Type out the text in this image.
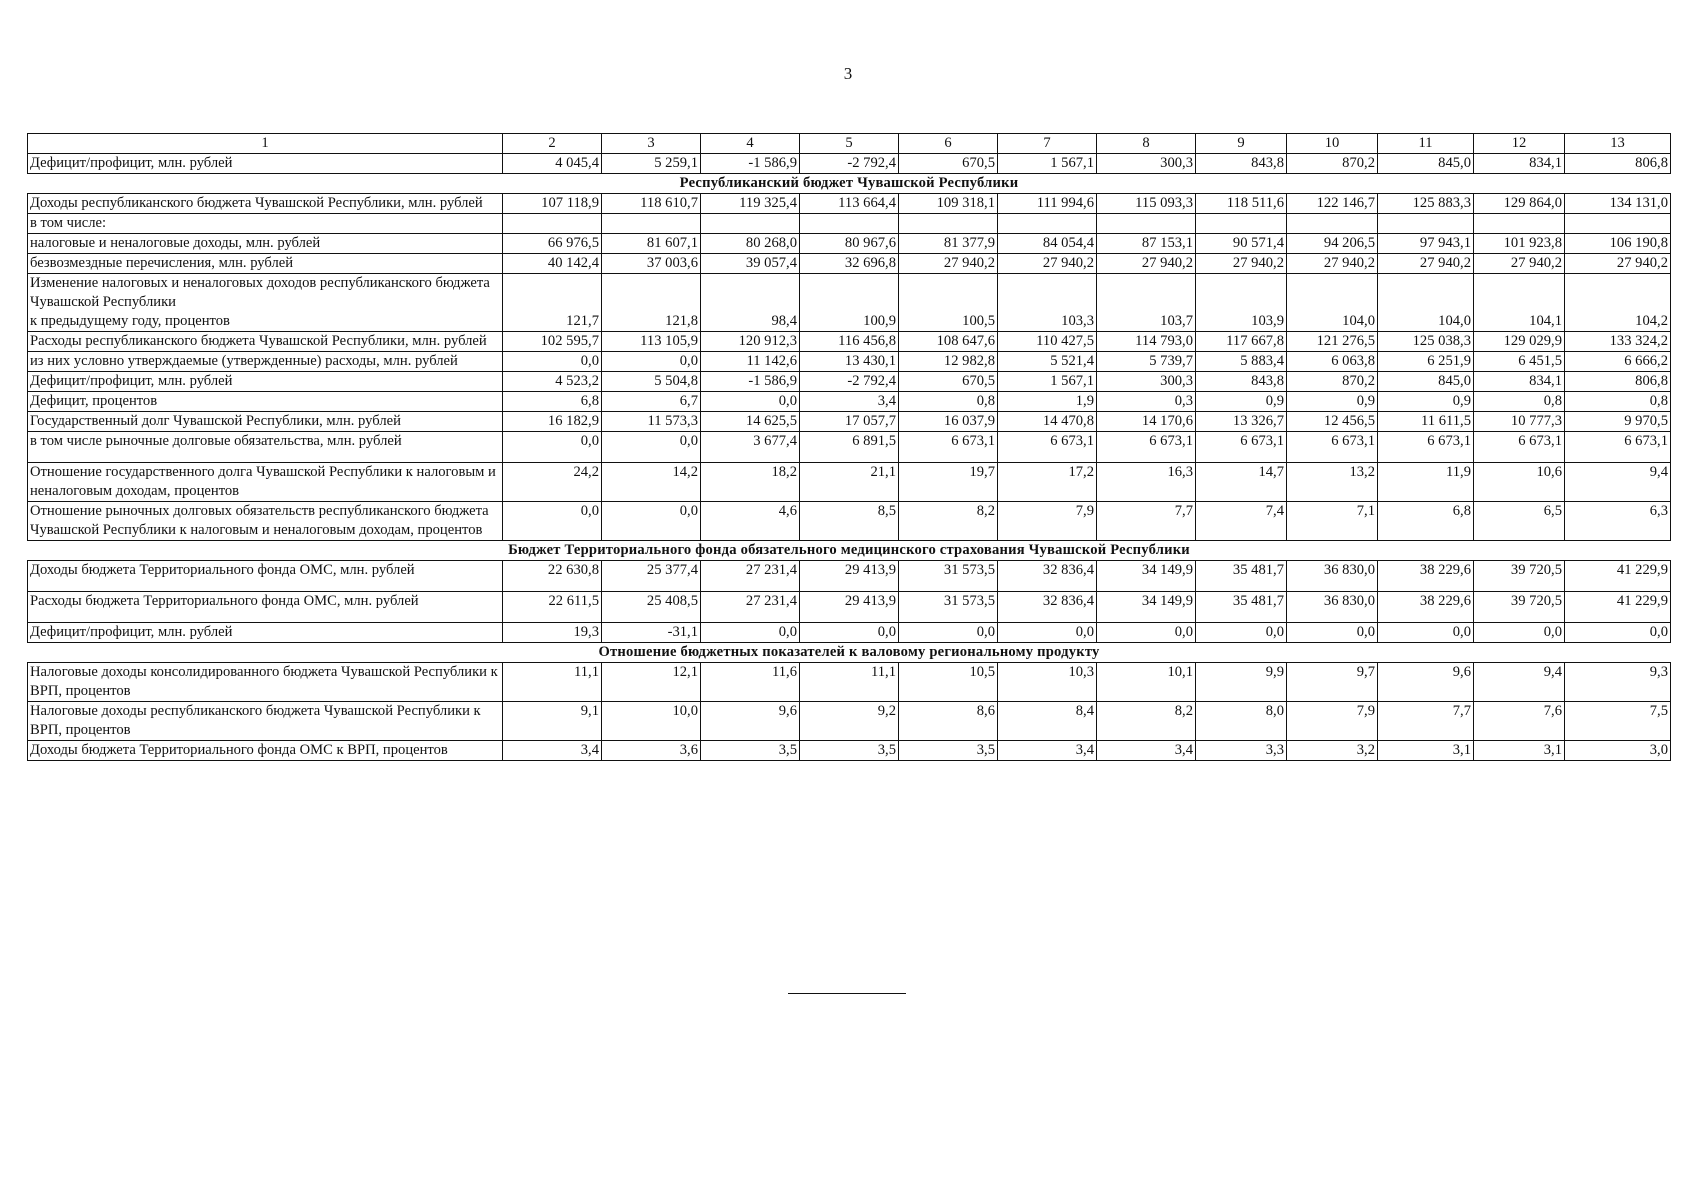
3
1	2	3	4	5	6	7	8	9	10	11	12	13
Дефицит/профицит, млн. рублей	4 045,4	5 259,1	-1 586,9	-2 792,4	670,5	1 567,1	300,3	843,8	870,2	845,0	834,1	806,8
Республиканский бюджет Чувашской Республики												
Доходы республиканского бюджета Чувашской Республики, млн. рублей	107 118,9	118 610,7	119 325,4	113 664,4	109 318,1	111 994,6	115 093,3	118 511,6	122 146,7	125 883,3	129 864,0	134 131,0
в том числе:												
налоговые и неналоговые доходы, млн. рублей	66 976,5	81 607,1	80 268,0	80 967,6	81 377,9	84 054,4	87 153,1	90 571,4	94 206,5	97 943,1	101 923,8	106 190,8
безвозмездные перечисления, млн. рублей	40 142,4	37 003,6	39 057,4	32 696,8	27 940,2	27 940,2	27 940,2	27 940,2	27 940,2	27 940,2	27 940,2	27 940,2
Изменение налоговых и неналоговых доходов республиканского бюджета Чувашской Республики
к предыдущему году, процентов	121,7	121,8	98,4	100,9	100,5	103,3	103,7	103,9	104,0	104,0	104,1	104,2
Расходы республиканского бюджета Чувашской Республики, млн. рублей	102 595,7	113 105,9	120 912,3	116 456,8	108 647,6	110 427,5	114 793,0	117 667,8	121 276,5	125 038,3	129 029,9	133 324,2
из них условно утверждаемые (утвержденные) расходы, млн. рублей	0,0	0,0	11 142,6	13 430,1	12 982,8	5 521,4	5 739,7	5 883,4	6 063,8	6 251,9	6 451,5	6 666,2
Дефицит/профицит, млн. рублей	4 523,2	5 504,8	-1 586,9	-2 792,4	670,5	1 567,1	300,3	843,8	870,2	845,0	834,1	806,8
Дефицит, процентов	6,8	6,7	0,0	3,4	0,8	1,9	0,3	0,9	0,9	0,9	0,8	0,8
Государственный долг Чувашской Республики, млн. рублей	16 182,9	11 573,3	14 625,5	17 057,7	16 037,9	14 470,8	14 170,6	13 326,7	12 456,5	11 611,5	10 777,3	9 970,5
в том числе рыночные долговые обязательства, млн. рублей	0,0	0,0	3 677,4	6 891,5	6 673,1	6 673,1	6 673,1	6 673,1	6 673,1	6 673,1	6 673,1	6 673,1
Отношение государственного долга Чувашской Республики к налоговым и неналоговым доходам, процентов	24,2	14,2	18,2	21,1	19,7	17,2	16,3	14,7	13,2	11,9	10,6	9,4
Отношение рыночных долговых обязательств республиканского бюджета Чувашской Республики к налоговым и неналоговым доходам, процентов	0,0	0,0	4,6	8,5	8,2	7,9	7,7	7,4	7,1	6,8	6,5	6,3
Бюджет Территориального фонда обязательного медицинского страхования Чувашской Республики												
Доходы бюджета Территориального фонда ОМС, млн. рублей	22 630,8	25 377,4	27 231,4	29 413,9	31 573,5	32 836,4	34 149,9	35 481,7	36 830,0	38 229,6	39 720,5	41 229,9
Расходы бюджета Территориального фонда ОМС, млн. рублей	22 611,5	25 408,5	27 231,4	29 413,9	31 573,5	32 836,4	34 149,9	35 481,7	36 830,0	38 229,6	39 720,5	41 229,9
Дефицит/профицит, млн. рублей	19,3	-31,1	0,0	0,0	0,0	0,0	0,0	0,0	0,0	0,0	0,0	0,0
Отношение бюджетных показателей к валовому региональному продукту												
Налоговые доходы консолидированного бюджета Чувашской Республики к ВРП, процентов	11,1	12,1	11,6	11,1	10,5	10,3	10,1	9,9	9,7	9,6	9,4	9,3
Налоговые доходы республиканского бюджета Чувашской Республики к ВРП, процентов	9,1	10,0	9,6	9,2	8,6	8,4	8,2	8,0	7,9	7,7	7,6	7,5
Доходы бюджета Территориального фонда ОМС к ВРП, процентов	3,4	3,6	3,5	3,5	3,5	3,4	3,4	3,3	3,2	3,1	3,1	3,0
